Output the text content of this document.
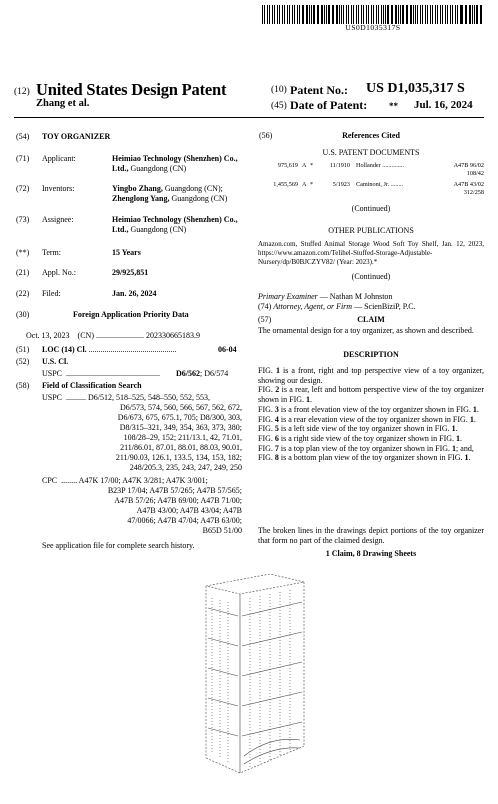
US0D1035317S
(12) United States Design Patent
Zhang et al.
(10) Patent No.: US D1,035,317 S
(45) Date of Patent: ** Jul. 16, 2024
(54) TOY ORGANIZER
(71) Applicant:	Heimiao Technology (Shenzhen) Co.,
Ltd., Guangdong (CN)
(72) Inventors:	Yingbo Zhang, Guangdong (CN);
Zhenglong Yang, Guangdong (CN)
(73) Assignee:	Heimiao Technology (Shenzhen) Co.,
Ltd., Guangdong (CN)
(**) Term:	15 Years
(21) Appl. No.:	29/925,851
(22) Filed:	Jan. 26, 2024
(30)	Foreign Application Priority Data
Oct. 13, 2023    (CN) ........................ 202330665183.9
(51) LOC (14) Cl. ............................................	06-04
(52) U.S. Cl.
USPC ............................................... D6/562; D6/574
(58) Field of Classification Search
USPC  .......... D6/512, 518–525, 548–550, 552, 553,
D6/573, 574, 560, 566, 567, 562, 672,
D6/673, 675, 675.1, 705; D8/300, 303,
D8/315–321, 349, 354, 363, 373, 380;
108/28–29, 152; 211/13.1, 42, 71.01,
211/86.01, 87.01, 88.01, 88.03, 90.01,
211/90.03, 126.1, 133.5, 134, 153, 182;
248/205.3, 235, 243, 247, 249, 250
CPC  ........ A47K 17/00; A47K 3/281; A47K 3/001;
B23P 17/04; A47B 57/265; A47B 57/565;
A47B 57/26; A47B 69/00; A47B 71/00;
A47B 43/00; A47B 43/04; A47B
47/0066; A47B 47/04; A47B 63/00;
B65D 51/00
See application file for complete search history.
(56)	References Cited
U.S. PATENT DOCUMENTS
975,619 A *	11/1910 Hollander ..............	A47B 96/02
108/42
1,455,569 A *	5/1923 Caminoni, Jr. ........	A47B 43/02
312/258
(Continued)
OTHER PUBLICATIONS
Amazon.com, Stuffed Animal Storage Wood Soft Toy Shelf, Jan. 12, 2023, https://www.amazon.com/Telihel-Stuffed-Storage-Adjustable-Nursery/dp/B0BJCZYV82/ (Year: 2023).*
(Continued)
Primary Examiner — Nathan M Johnston
(74) Attorney, Agent, or Firm — ScienBiziP, P.C.
(57)	CLAIM
The ornamental design for a toy organizer, as shown and described.
DESCRIPTION

FIG. 1 is a front, right and top perspective view of a toy organizer, showing our design.

FIG. 2 is a rear, left and bottom perspective view of the toy organizer shown in FIG. 1.

FIG. 3 is a front elevation view of the toy organizer shown in FIG. 1.

FIG. 4 is a rear elevation view of the toy organizer shown in FIG. 1.

FIG. 5 is a left side view of the toy organizer shown in FIG. 1.

FIG. 6 is a right side view of the toy organizer shown in FIG. 1.

FIG. 7 is a top plan view of the toy organizer shown in FIG. 1; and,

FIG. 8 is a bottom plan view of the toy organizer shown in FIG. 1.

The broken lines in the drawings depict portions of the toy organizer that form no part of the claimed design.
1 Claim, 8 Drawing Sheets
